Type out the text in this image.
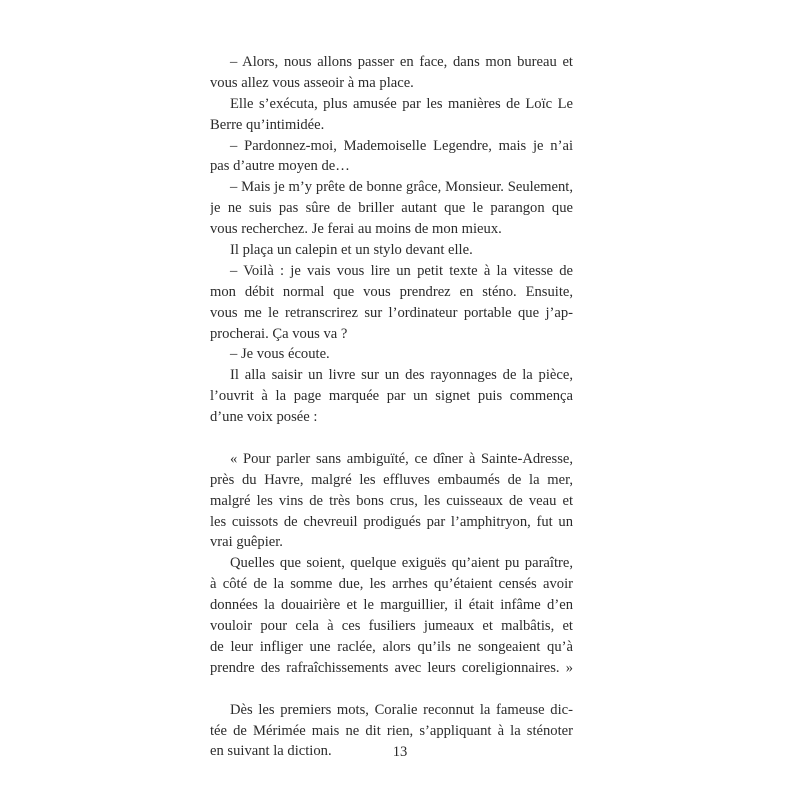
– Alors, nous allons passer en face, dans mon bureau et
vous allez vous asseoir à ma place.
Elle s’exécuta, plus amusée par les manières de Loïc Le
Berre qu’intimidée.
– Pardonnez-moi, Mademoiselle Legendre, mais je n’ai
pas d’autre moyen de…
– Mais je m’y prête de bonne grâce, Monsieur. Seulement,
je ne suis pas sûre de briller autant que le parangon que
vous recherchez. Je ferai au moins de mon mieux.
Il plaça un calepin et un stylo devant elle.
– Voilà : je vais vous lire un petit texte à la vitesse de
mon débit normal que vous prendrez en sténo. Ensuite,
vous me le retranscrirez sur l’ordinateur portable que j’ap-
procherai. Ça vous va ?
– Je vous écoute.
Il alla saisir un livre sur un des rayonnages de la pièce,
l’ouvrit à la page marquée par un signet puis commença
d’une voix posée :
« Pour parler sans ambiguïté, ce dîner à Sainte-Adresse,
près du Havre, malgré les effluves embaumés de la mer,
malgré les vins de très bons crus, les cuisseaux de veau et
les cuissots de chevreuil prodigués par l’amphitryon, fut un
vrai guêpier.
Quelles que soient, quelque exiguës qu’aient pu paraître,
à côté de la somme due, les arrhes qu’étaient censés avoir
données la douairière et le marguillier, il était infâme d’en
vouloir pour cela à ces fusiliers jumeaux et malbâtis, et
de leur infliger une raclée, alors qu’ils ne songeaient qu’à
prendre des rafraîchissements avec leurs coreligionnaires. »
Dès les premiers mots, Coralie reconnut la fameuse dic-
tée de Mérimée mais ne dit rien, s’appliquant à la sténoter
en suivant la diction.	13
